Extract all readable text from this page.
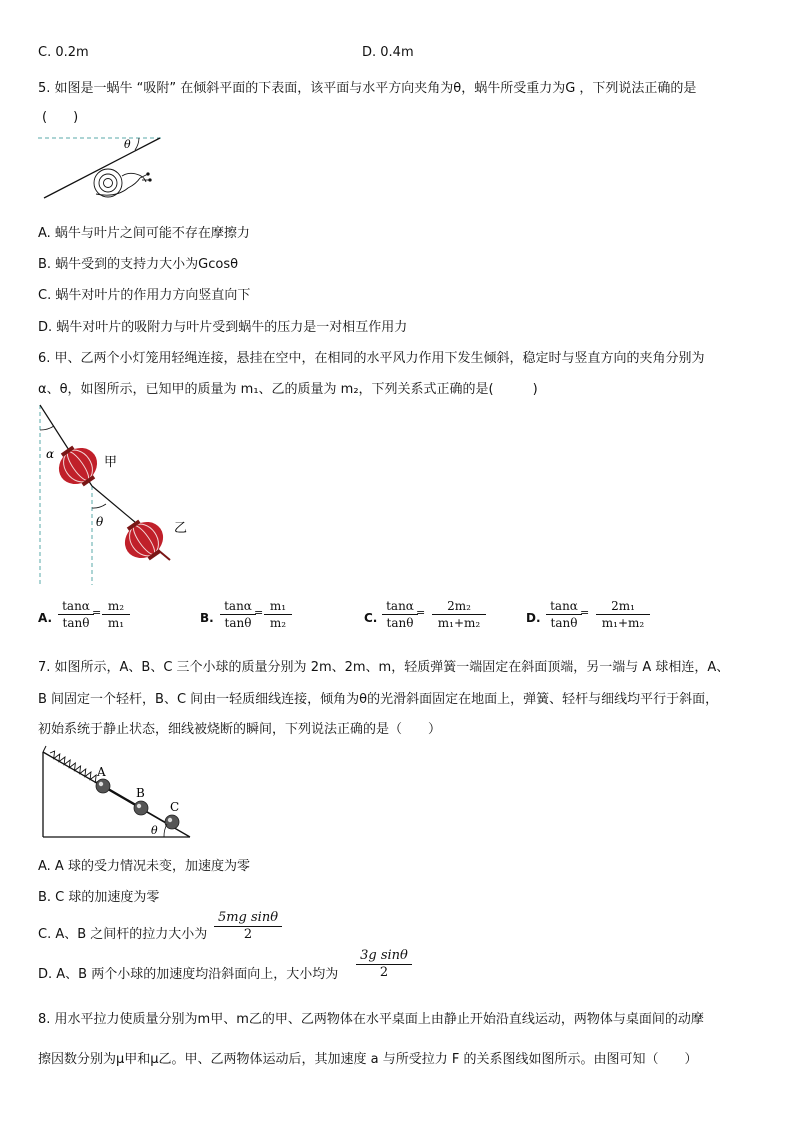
C. 0.2m	D. 0.4m
5. 如图是一蜗牛 “吸附” 在倾斜平面的下表面，该平面与水平方向夹角为θ，蜗牛所受重力为G ，下列说法正确的是
(　　)
θ
A. 蜗牛与叶片之间可能不存在摩擦力
B. 蜗牛受到的支持力大小为Gcosθ
C. 蜗牛对叶片的作用力方向竖直向下
D. 蜗牛对叶片的吸附力与叶片受到蜗牛的压力是一对相互作用力
6. 甲、乙两个小灯笼用轻绳连接，悬挂在空中，在相同的水平风力作用下发生倾斜，稳定时与竖直方向的夹角分别为
α、θ，如图所示，已知甲的质量为 m₁、乙的质量为 m₂，下列关系式正确的是(　　　)
α
θ
甲
乙
A. $\frac{\tan\alpha}{\tan\theta}$
= $\frac{\text{m₂}}{\text{m₁}}$	B. $\frac{\tan\alpha}{\tan\theta}$
= $\frac{\text{m₁}}{\text{m₂}}$	C. $\frac{\tan\alpha}{\tan\theta}$
= $\frac{\text{2m₂}}{\text{m₁+m₂}}$	D. $\frac{\tan\alpha}{\tan\theta}$
= $\frac{\text{2m₁}}{\text{m₁+m₂}}$
7. 如图所示，A、B、C 三个小球的质量分别为 2m、2m、m，轻质弹簧一端固定在斜面顶端，另一端与 A 球相连，A、
B 间固定一个轻杆，B、C 间由一轻质细线连接，倾角为θ的光滑斜面固定在地面上，弹簧、轻杆与细线均平行于斜面，
初始系统于静止状态，细线被烧断的瞬间，下列说法正确的是（　　）
A
B
C
θ
A. A 球的受力情况未变，加速度为零
B. C 球的加速度为零
C. A、B 之间杆的拉力大小为 $\frac{\text{5mg sinθ}}{2}$
D. A、B 两个小球的加速度均沿斜面向上，大小均为 $\frac{\text{3g sinθ}}{2}$
8. 用水平拉力使质量分别为m甲、m乙的甲、乙两物体在水平桌面上由静止开始沿直线运动，两物体与桌面间的动摩
擦因数分别为μ甲和μ乙。甲、乙两物体运动后，其加速度 a 与所受拉力 F 的关系图线如图所示。由图可知（　　）
